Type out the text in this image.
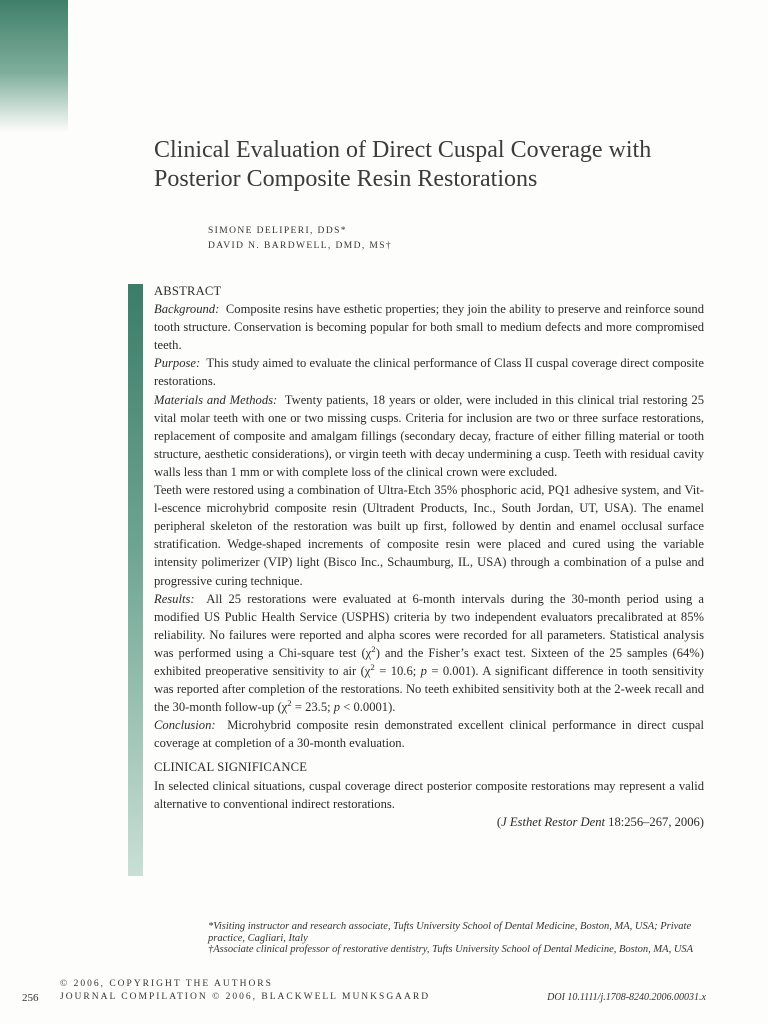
Clinical Evaluation of Direct Cuspal Coverage with Posterior Composite Resin Restorations
SIMONE DELIPERI, DDS*
DAVID N. BARDWELL, DMD, MS†

ABSTRACT

Background: Composite resins have esthetic properties; they join the ability to preserve and reinforce sound tooth structure. Conservation is becoming popular for both small to medium defects and more compromised teeth.

Purpose: This study aimed to evaluate the clinical performance of Class II cuspal coverage direct composite restorations.

Materials and Methods: Twenty patients, 18 years or older, were included in this clinical trial restoring 25 vital molar teeth with one or two missing cusps. Criteria for inclusion are two or three surface restorations, replacement of composite and amalgam fillings (secondary decay, fracture of either filling material or tooth structure, aesthetic considerations), or virgin teeth with decay undermining a cusp. Teeth with residual cavity walls less than 1 mm or with complete loss of the clinical crown were excluded.

Teeth were restored using a combination of Ultra-Etch 35% phosphoric acid, PQ1 adhesive system, and Vit-l-escence microhybrid composite resin (Ultradent Products, Inc., South Jordan, UT, USA). The enamel peripheral skeleton of the restoration was built up first, followed by dentin and enamel occlusal surface stratification. Wedge-shaped increments of composite resin were placed and cured using the variable intensity polimerizer (VIP) light (Bisco Inc., Schaumburg, IL, USA) through a combination of a pulse and progressive curing technique.

Results: All 25 restorations were evaluated at 6-month intervals during the 30-month period using a modified US Public Health Service (USPHS) criteria by two independent evaluators precalibrated at 85% reliability. No failures were reported and alpha scores were recorded for all parameters. Statistical analysis was performed using a Chi-square test $(\chi^2)$ and the Fisher’s exact test. Sixteen of the 25 samples (64%) exhibited preoperative sensitivity to air ($\chi^2 = 10.6$; p = 0.001). A significant difference in tooth sensitivity was reported after completion of the restorations. No teeth exhibited sensitivity both at the 2-week recall and the 30-month follow-up ($\chi^2 = 23.5$; p < 0.0001).

Conclusion: Microhybrid composite resin demonstrated excellent clinical performance in direct cuspal coverage at completion of a 30-month evaluation.

CLINICAL SIGNIFICANCE

In selected clinical situations, cuspal coverage direct posterior composite restorations may represent a valid alternative to conventional indirect restorations.

(J Esthet Restor Dent 18:256–267, 2006)

*Visiting instructor and research associate, Tufts University School of Dental Medicine, Boston, MA, USA; Private practice, Cagliari, Italy

†Associate clinical professor of restorative dentistry, Tufts University School of Dental Medicine, Boston, MA, USA

256
© 2006, COPYRIGHT THE AUTHORS
JOURNAL COMPILATION © 2006, BLACKWELL MUNKSGAARD	DOI 10.1111/j.1708-8240.2006.00031.x
